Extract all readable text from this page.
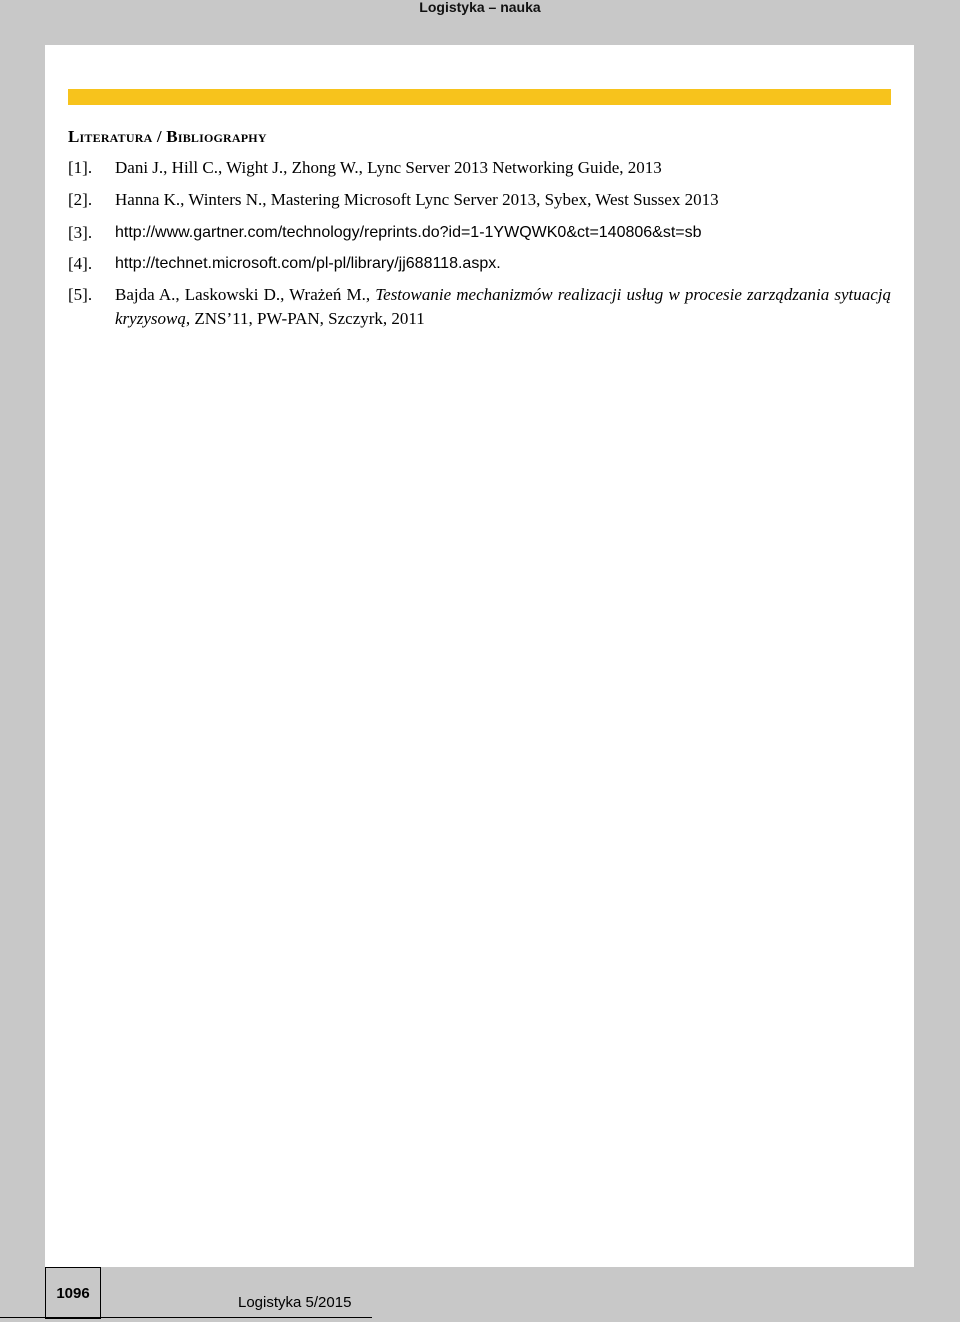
Logistyka – nauka
Literatura / Bibliography
[1]. Dani J., Hill C., Wight J., Zhong W., Lync Server 2013 Networking Guide, 2013
[2]. Hanna K., Winters N., Mastering Microsoft Lync Server 2013, Sybex, West Sussex 2013
[3]. http://www.gartner.com/technology/reprints.do?id=1-1YWQWK0&ct=140806&st=sb
[4]. http://technet.microsoft.com/pl-pl/library/jj688118.aspx.
[5]. Bajda A., Laskowski D., Wrażeń M., Testowanie mechanizmów realizacji usług w procesie zarządzania sytuacją kryzysową, ZNS’11, PW-PAN, Szczyrk, 2011
1096
Logistyka 5/2015
